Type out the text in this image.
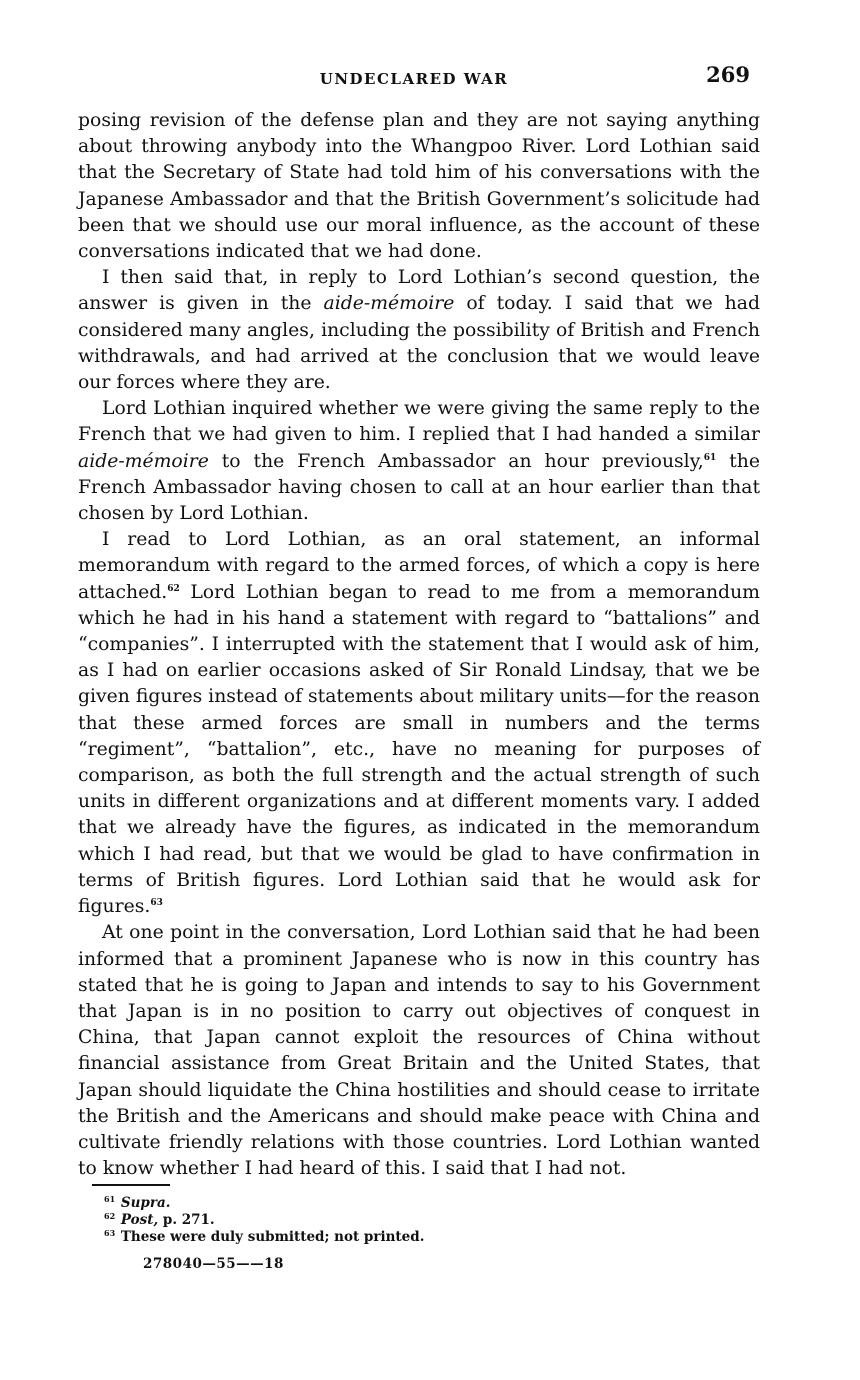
UNDECLARED WAR	269

posing revision of the defense plan and they are not saying anything about throwing anybody into the Whangpoo River. Lord Lothian said that the Secretary of State had told him of his conversations with the Japanese Ambassador and that the British Government’s solicitude had been that we should use our moral influence, as the account of these conversations indicated that we had done.

I then said that, in reply to Lord Lothian’s second question, the answer is given in the aide-mémoire of today. I said that we had considered many angles, including the possibility of British and French withdrawals, and had arrived at the conclusion that we would leave our forces where they are.

Lord Lothian inquired whether we were giving the same reply to the French that we had given to him. I replied that I had handed a similar aide-mémoire to the French Ambassador an hour previously,$^{61}$ the French Ambassador having chosen to call at an hour earlier than that chosen by Lord Lothian.

I read to Lord Lothian, as an oral statement, an informal memorandum with regard to the armed forces, of which a copy is here attached.$^{62}$ Lord Lothian began to read to me from a memorandum which he had in his hand a statement with regard to “battalions” and “companies”. I interrupted with the statement that I would ask of him, as I had on earlier occasions asked of Sir Ronald Lindsay, that we be given figures instead of statements about military units—for the reason that these armed forces are small in numbers and the terms “regiment”, “battalion”, etc., have no meaning for purposes of comparison, as both the full strength and the actual strength of such units in different organizations and at different moments vary. I added that we already have the figures, as indicated in the memorandum which I had read, but that we would be glad to have confirmation in terms of British figures. Lord Lothian said that he would ask for figures.$^{63}$

At one point in the conversation, Lord Lothian said that he had been informed that a prominent Japanese who is now in this country has stated that he is going to Japan and intends to say to his Government that Japan is in no position to carry out objectives of conquest in China, that Japan cannot exploit the resources of China without financial assistance from Great Britain and the United States, that Japan should liquidate the China hostilities and should cease to irritate the British and the Americans and should make peace with China and cultivate friendly relations with those countries. Lord Lothian wanted to know whether I had heard of this. I said that I had not.

$^{61}$ Supra.
$^{62}$ Post, p. 271.
$^{63}$ These were duly submitted; not printed.
278040—55——18
